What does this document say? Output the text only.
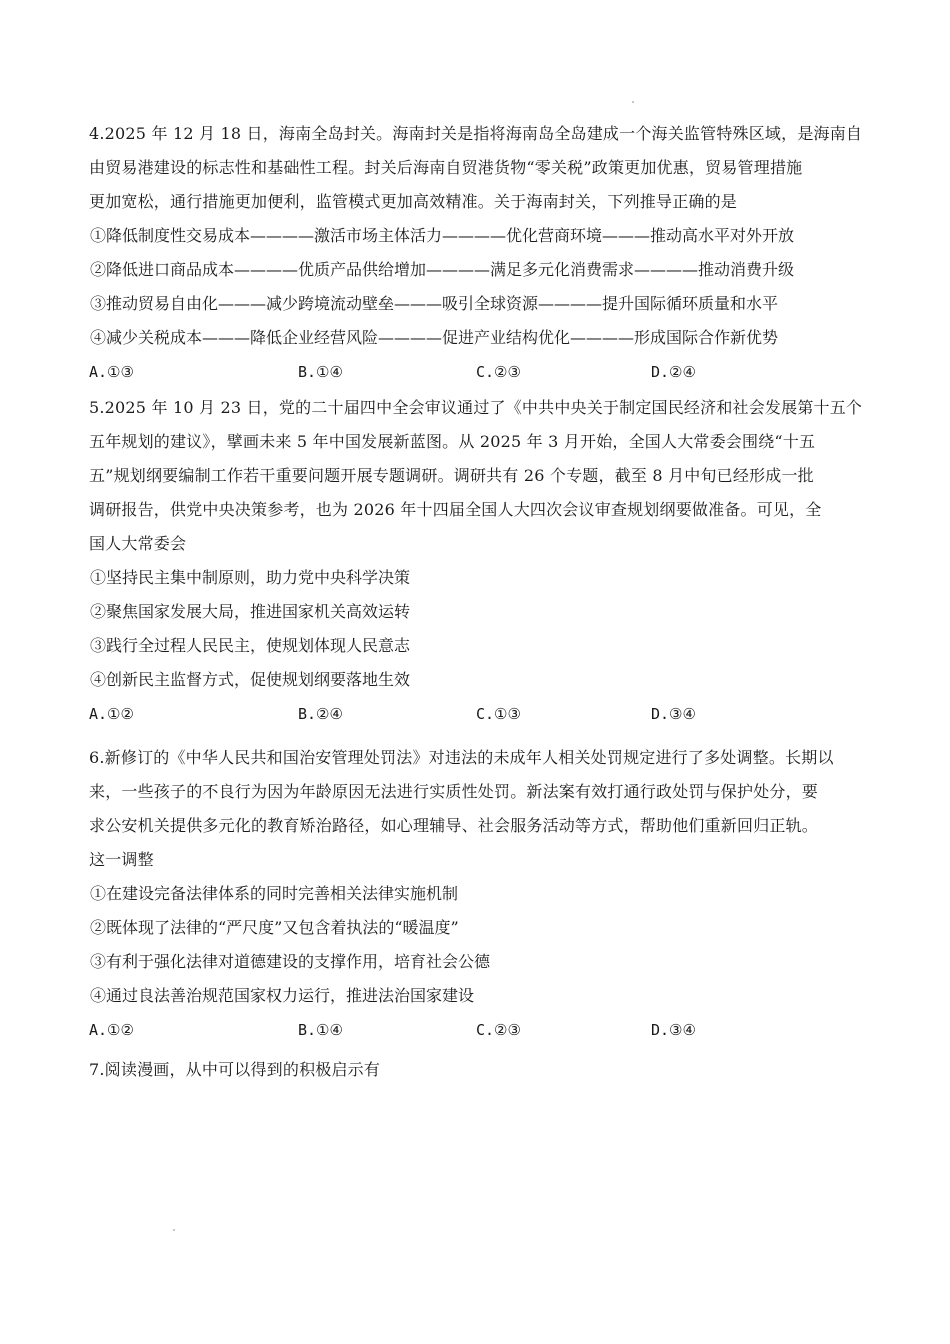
4.2025 年 12 月 18 日，海南全岛封关。海南封关是指将海南岛全岛建成一个海关监管特殊区域，是海南自
由贸易港建设的标志性和基础性工程。封关后海南自贸港货物“零关税”政策更加优惠，贸易管理措施
更加宽松，通行措施更加便利，监管模式更加高效精准。关于海南封关，下列推导正确的是
①降低制度性交易成本————激活市场主体活力————优化营商环境———推动高水平对外开放
②降低进口商品成本————优质产品供给增加————满足多元化消费需求————推动消费升级
③推动贸易自由化———减少跨境流动壁垒———吸引全球资源————提升国际循环质量和水平
④减少关税成本———降低企业经营风险————促进产业结构优化————形成国际合作新优势
A.①③	B.①④	C.②③	D.②④
5.2025 年 10 月 23 日，党的二十届四中全会审议通过了《中共中央关于制定国民经济和社会发展第十五个
五年规划的建议》，擘画未来 5 年中国发展新蓝图。从 2025 年 3 月开始，全国人大常委会围绕“十五
五”规划纲要编制工作若干重要问题开展专题调研。调研共有 26 个专题，截至 8 月中旬已经形成一批
调研报告，供党中央决策参考，也为 2026 年十四届全国人大四次会议审查规划纲要做准备。可见，全
国人大常委会
①坚持民主集中制原则，助力党中央科学决策
②聚焦国家发展大局，推进国家机关高效运转
③践行全过程人民民主，使规划体现人民意志
④创新民主监督方式，促使规划纲要落地生效
A.①②	B.②④	C.①③	D.③④
6.新修订的《中华人民共和国治安管理处罚法》对违法的未成年人相关处罚规定进行了多处调整。长期以
来，一些孩子的不良行为因为年龄原因无法进行实质性处罚。新法案有效打通行政处罚与保护处分，要
求公安机关提供多元化的教育矫治路径，如心理辅导、社会服务活动等方式，帮助他们重新回归正轨。
这一调整
①在建设完备法律体系的同时完善相关法律实施机制
②既体现了法律的“严尺度”又包含着执法的“暖温度”
③有利于强化法律对道德建设的支撑作用，培育社会公德
④通过良法善治规范国家权力运行，推进法治国家建设
A.①②	B.①④	C.②③	D.③④
7.阅读漫画，从中可以得到的积极启示有
